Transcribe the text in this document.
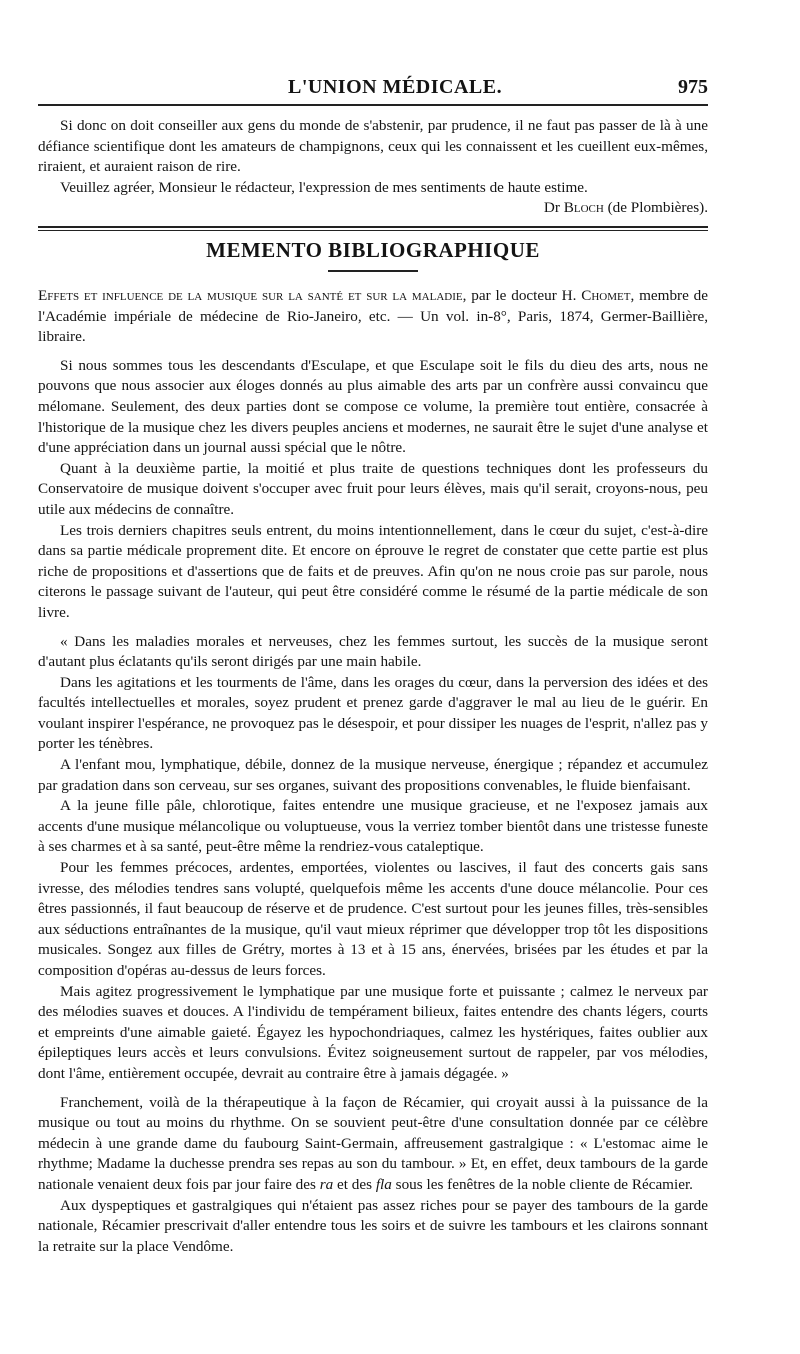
L'UNION MÉDICALE.	975

Si donc on doit conseiller aux gens du monde de s'abstenir, par prudence, il ne faut pas passer de là à une défiance scientifique dont les amateurs de champignons, ceux qui les connaissent et les cueillent eux-mêmes, riraient, et auraient raison de rire.

Veuillez agréer, Monsieur le rédacteur, l'expression de mes sentiments de haute estime.

Dr Bloch (de Plombières).
MEMENTO BIBLIOGRAPHIQUE

Effets et influence de la musique sur la santé et sur la maladie, par le docteur H. Chomet, membre de l'Académie impériale de médecine de Rio-Janeiro, etc. — Un vol. in-8°, Paris, 1874, Germer-Baillière, libraire.

Si nous sommes tous les descendants d'Esculape, et que Esculape soit le fils du dieu des arts, nous ne pouvons que nous associer aux éloges donnés au plus aimable des arts par un confrère aussi convaincu que mélomane. Seulement, des deux parties dont se compose ce volume, la première tout entière, consacrée à l'historique de la musique chez les divers peuples anciens et modernes, ne saurait être le sujet d'une analyse et d'une appréciation dans un journal aussi spécial que le nôtre.

Quant à la deuxième partie, la moitié et plus traite de questions techniques dont les professeurs du Conservatoire de musique doivent s'occuper avec fruit pour leurs élèves, mais qu'il serait, croyons-nous, peu utile aux médecins de connaître.

Les trois derniers chapitres seuls entrent, du moins intentionnellement, dans le cœur du sujet, c'est-à-dire dans sa partie médicale proprement dite. Et encore on éprouve le regret de constater que cette partie est plus riche de propositions et d'assertions que de faits et de preuves. Afin qu'on ne nous croie pas sur parole, nous citerons le passage suivant de l'auteur, qui peut être considéré comme le résumé de la partie médicale de son livre.

« Dans les maladies morales et nerveuses, chez les femmes surtout, les succès de la musique seront d'autant plus éclatants qu'ils seront dirigés par une main habile.

Dans les agitations et les tourments de l'âme, dans les orages du cœur, dans la perversion des idées et des facultés intellectuelles et morales, soyez prudent et prenez garde d'aggraver le mal au lieu de le guérir. En voulant inspirer l'espérance, ne provoquez pas le désespoir, et pour dissiper les nuages de l'esprit, n'allez pas y porter les ténèbres.

A l'enfant mou, lymphatique, débile, donnez de la musique nerveuse, énergique ; répandez et accumulez par gradation dans son cerveau, sur ses organes, suivant des propositions convenables, le fluide bienfaisant.

A la jeune fille pâle, chlorotique, faites entendre une musique gracieuse, et ne l'exposez jamais aux accents d'une musique mélancolique ou voluptueuse, vous la verriez tomber bientôt dans une tristesse funeste à ses charmes et à sa santé, peut-être même la rendriez-vous cataleptique.

Pour les femmes précoces, ardentes, emportées, violentes ou lascives, il faut des concerts gais sans ivresse, des mélodies tendres sans volupté, quelquefois même les accents d'une douce mélancolie. Pour ces êtres passionnés, il faut beaucoup de réserve et de prudence. C'est surtout pour les jeunes filles, très-sensibles aux séductions entraînantes de la musique, qu'il vaut mieux réprimer que développer trop tôt les dispositions musicales. Songez aux filles de Grétry, mortes à 13 et à 15 ans, énervées, brisées par les études et par la composition d'opéras au-dessus de leurs forces.

Mais agitez progressivement le lymphatique par une musique forte et puissante ; calmez le nerveux par des mélodies suaves et douces. A l'individu de tempérament bilieux, faites entendre des chants légers, courts et empreints d'une aimable gaieté. Égayez les hypochondriaques, calmez les hystériques, faites oublier aux épileptiques leurs accès et leurs convulsions. Évitez soigneusement surtout de rappeler, par vos mélodies, dont l'âme, entièrement occupée, devrait au contraire être à jamais dégagée. »

Franchement, voilà de la thérapeutique à la façon de Récamier, qui croyait aussi à la puissance de la musique ou tout au moins du rhythme. On se souvient peut-être d'une consultation donnée par ce célèbre médecin à une grande dame du faubourg Saint-Germain, affreusement gastralgique : « L'estomac aime le rhythme; Madame la duchesse prendra ses repas au son du tambour. » Et, en effet, deux tambours de la garde nationale venaient deux fois par jour faire des ra et des fla sous les fenêtres de la noble cliente de Récamier.

Aux dyspeptiques et gastralgiques qui n'étaient pas assez riches pour se payer des tambours de la garde nationale, Récamier prescrivait d'aller entendre tous les soirs et de suivre les tambours et les clairons sonnant la retraite sur la place Vendôme.
